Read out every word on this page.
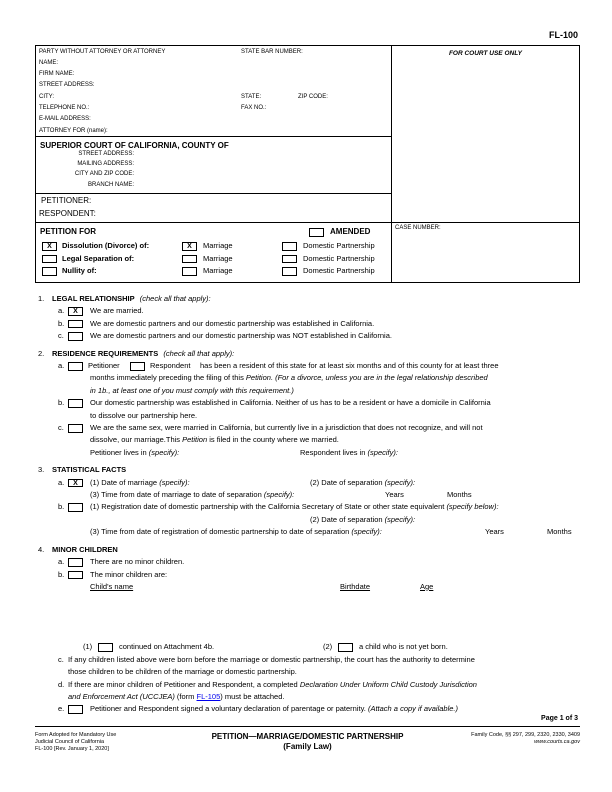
FL-100
PARTY WITHOUT ATTORNEY OR ATTORNEY	STATE BAR NUMBER:
NAME:
FIRM NAME:
STREET ADDRESS:
CITY:	STATE:	ZIP CODE:
TELEPHONE NO.:	FAX NO.:
E-MAIL ADDRESS:
ATTORNEY FOR (name):
FOR COURT USE ONLY
SUPERIOR COURT OF CALIFORNIA, COUNTY OF
STREET ADDRESS:
MAILING ADDRESS:
CITY AND ZIP CODE:
BRANCH NAME:
PETITIONER:
RESPONDENT:
PETITION FOR	AMENDED
X	Dissolution (Divorce) of:	X	Marriage	Domestic Partnership
Legal Separation of:	Marriage	Domestic Partnership
Nullity of:	Marriage	Domestic Partnership
CASE NUMBER:
1. LEGAL RELATIONSHIP (check all that apply):
a.	X	We are married.
b.	We are domestic partners and our domestic partnership was established in California.
c.	We are domestic partners and our domestic partnership was NOT established in California.
2. RESIDENCE REQUIREMENTS (check all that apply):
a.	Petitioner	Respondent has been a resident of this state for at least six months and of this county for at least three
months immediately preceding the filing of this Petition. (For a divorce, unless you are in the legal relationship described
in 1b., at least one of you must comply with this requirement.)
b.	Our domestic partnership was established in California. Neither of us has to be a resident or have a domicile in California
to dissolve our partnership here.
c.	We are the same sex, were married in California, but currently live in a jurisdiction that does not recognize, and will not
dissolve, our marriage.This Petition is filed in the county where we married.
Petitioner lives in (specify):	Respondent lives in (specify):
3. STATISTICAL FACTS
a.	X	(1) Date of marriage (specify):	(2) Date of separation (specify):
(3) Time from date of marriage to date of separation (specify):	Years	Months
b.	(1) Registration date of domestic partnership with the California Secretary of State or other state equivalent (specify below):
(2) Date of separation (specify):
(3) Time from date of registration of domestic partnership to date of separation (specify):	Years	Months
4. MINOR CHILDREN
a.	There are no minor children.
b.	The minor children are:
Child's name	Birthdate	Age
(1)	continued on Attachment 4b.	(2)	a child who is not yet born.
c. If any children listed above were born before the marriage or domestic partnership, the court has the authority to determine
those children to be children of the marriage or domestic partnership.
d. If there are minor children of Petitioner and Respondent, a completed Declaration Under Uniform Child Custody Jurisdiction
and Enforcement Act (UCCJEA) (form FL-105) must be attached.
e.	Petitioner and Respondent signed a voluntary declaration of parentage or paternity. (Attach a copy if available.)
Page 1 of 3
Form Adopted for Mandatory Use
Judicial Council of California
FL-100 [Rev. January 1, 2020]
PETITION—MARRIAGE/DOMESTIC PARTNERSHIP
(Family Law)
Family Code, §§ 297, 299, 2320, 2330, 3409
www.courts.ca.gov
